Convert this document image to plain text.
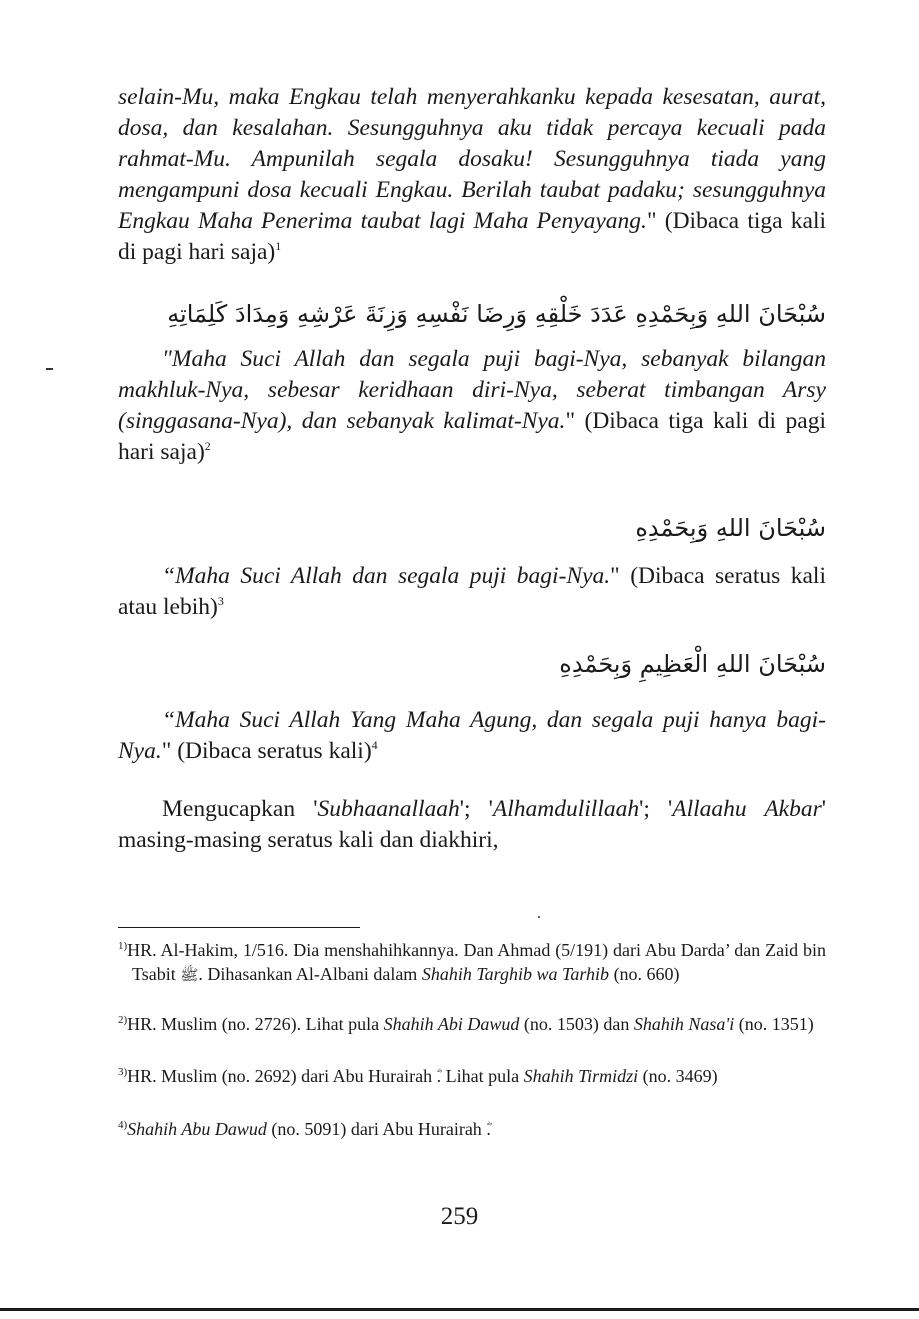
selain-Mu, maka Engkau telah menyerahkanku kepada kesesatan, aurat, dosa, dan kesalahan. Sesungguhnya aku tidak percaya kecuali pada rahmat-Mu. Ampunilah segala dosaku! Sesungguhnya tiada yang mengampuni dosa kecuali Engkau. Berilah taubat padaku; sesungguhnya Engkau Maha Penerima taubat lagi Maha Penyayang." (Dibaca tiga kali di pagi hari saja)$^1$
سُبْحَانَ اللهِ وَبِحَمْدِهِ عَدَدَ خَلْقِهِ وَرِضَا نَفْسِهِ وَزِنَةَ عَرْشِهِ وَمِدَادَ كَلِمَاتِهِ
"Maha Suci Allah dan segala puji bagi-Nya, sebanyak bilangan makhluk-Nya, sebesar keridhaan diri-Nya, seberat timbangan Arsy (singgasana-Nya), dan sebanyak kalimat-Nya." (Dibaca tiga kali di pagi hari saja)$^2$
سُبْحَانَ اللهِ وَبِحَمْدِهِ
“Maha Suci Allah dan segala puji bagi-Nya." (Dibaca seratus kali atau lebih)$^3$
سُبْحَانَ اللهِ الْعَظِيمِ وَبِحَمْدِهِ
“Maha Suci Allah Yang Maha Agung, dan segala puji hanya bagi-Nya." (Dibaca seratus kali)$^4$
Mengucapkan 'Subhaanallaah'; 'Alhamdulillaah'; 'Allaahu Akbar' masing-masing seratus kali dan diakhiri,
$^{1)}$HR. Al-Hakim, 1/516. Dia menshahihkannya. Dan Ahmad (5/191) dari Abu Darda’ dan Zaid bin Tsabit ﷺ. Dihasankan Al-Albani dalam Shahih Targhib wa Tarhib (no. 660)
$^{2)}$HR. Muslim (no. 2726). Lihat pula Shahih Abi Dawud (no. 1503) dan Shahih Nasa'i (no. 1351)
$^{3)}$HR. Muslim (no. 2692) dari Abu Hurairah . Lihat pula Shahih Tirmidzi (no. 3469)
$^{4)}$Shahih Abu Dawud (no. 5091) dari Abu Hurairah .
259
